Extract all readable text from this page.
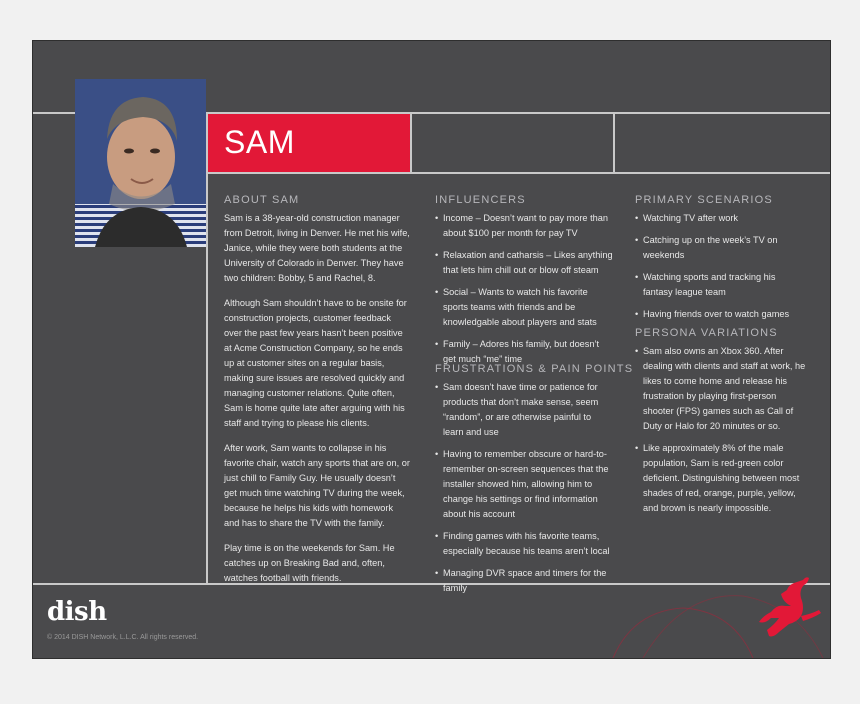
SAM
ABOUT SAM

Sam is a 38-year-old construction manager from Detroit, living in Denver. He met his wife, Janice, while they were both students at the University of Colorado in Denver. They have two children: Bobby, 5 and Rachel, 8.

Although Sam shouldn’t have to be onsite for construction projects, customer feedback over the past few years hasn’t been positive at Acme Construction Company, so he ends up at customer sites on a regular basis, making sure issues are resolved quickly and managing customer relations. Quite often, Sam is home quite late after arguing with his staff and trying to please his clients.

After work, Sam wants to collapse in his favorite chair, watch any sports that are on, or just chill to Family Guy. He usually doesn’t get much time watching TV during the week, because he helps his kids with homework and has to share the TV with the family.

Play time is on the weekends for Sam. He catches up on Breaking Bad and, often, watches football with friends.

INFLUENCERS
• Income – Doesn’t want to pay more than about $100 per month for pay TV
• Relaxation and catharsis – Likes anything that lets him chill out or blow off steam
• Social – Wants to watch his favorite sports teams with friends and be knowledgable about players and stats
• Family – Adores his family, but doesn’t get much “me” time
FRUSTRATIONS & PAIN POINTS
• Sam doesn’t have time or patience for products that don’t make sense, seem “random”, or are otherwise painful to learn and use
• Having to remember obscure or hard-to-remember on-screen sequences that the installer showed him, allowing him to change his settings or find information about his account
• Finding games with his favorite teams, especially because his teams aren’t local
• Managing DVR space and timers for the family
PRIMARY SCENARIOS
• Watching TV after work
• Catching up on the week’s TV on weekends
• Watching sports and tracking his fantasy league team
• Having friends over to watch games
PERSONA VARIATIONS
• Sam also owns an Xbox 360. After dealing with clients and staff at work, he likes to come home and release his frustration by playing first-person shooter (FPS) games such as Call of Duty or Halo for 20 minutes or so.
• Like approximately 8% of the male population, Sam is red-green color deficient. Distinguishing between most shades of red, orange, purple, yellow, and brown is nearly impossible.
dish
© 2014 DISH Network, L.L.C. All rights reserved.
